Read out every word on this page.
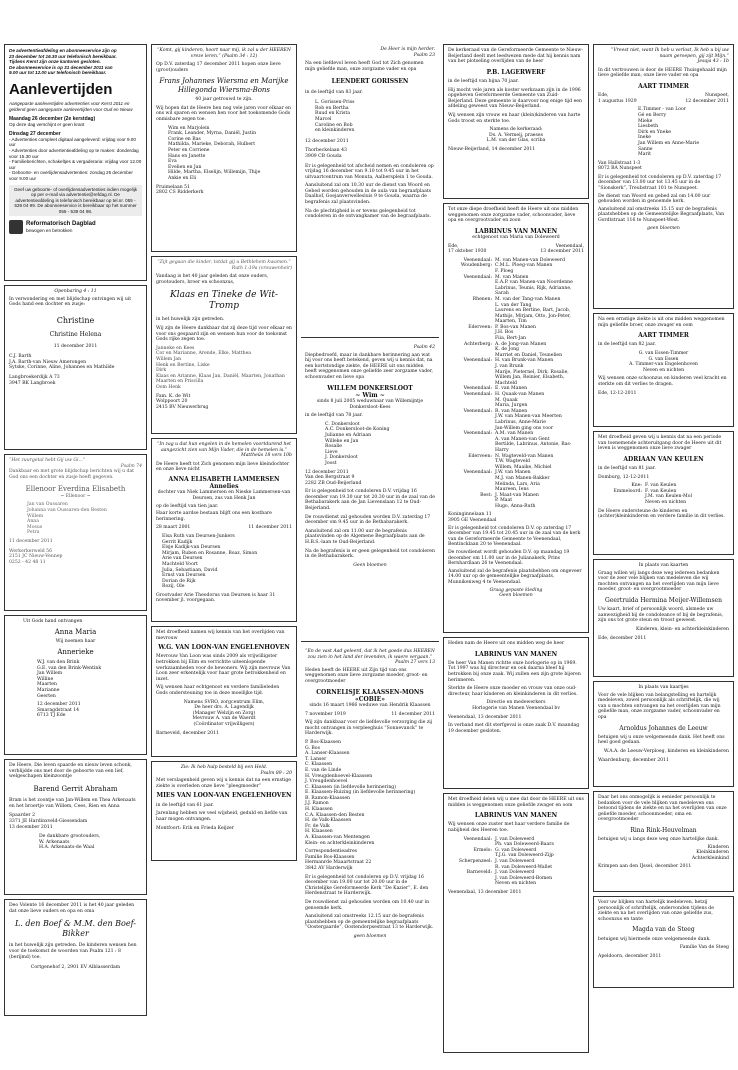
De advertentieafdeling en abonneeservice zijn op
23 december tot 16.30 uur telefonisch bereikbaar.
Tijdens Kerst zijn onze kantoren gesloten.
De abonneeservice is op 31 december 2011 van
9.00 uur tot 12.00 uur telefonisch bereikbaar.
Aanlevertijden
Aangepaste aanlevertijden advertenties voor Kerst 2011 en geldend geen aangepaste aanlevertijden voor Oud en Nieuw
Maandag 26 december (2e kerstdag)
Op deze dag verschijnt er geen krant
Dinsdag 27 december
- Advertenties compleet digitaal aangeleverd: vrijdag voor 9.00 uur
- Advertenties door advertentieafdeling op te maken: donderdag voor 15.30 uur
- Familieberichten, schakeltjes & vergaderaria: vrijdag voor 12.00 uur
- Geboorte- en overlijdensadvertenties: zondag 25 december voor 9.00 uur
Geef uw geboorte- of overlijdensadvertenties indien mogelijk op per e-mail via advertentie@refdag.nl. De advertentieafdeling is telefonisch bereikbaar op tel.nr. 055 - 539 04 99. De abonneeservice is bereikbaar op het nummer 055 - 539 04 98.
Reformatorisch Dagblad
bewogen en betrokken
Openbaring 4 : 11
In verwondering en met blijdschap ontvingen wij uit Gods hand een dochter en zusje:
Christine
Christine Helena
11 december 2011
C.J. Barth
J.A. Barth-van Nieuw Amerongen
Sytske, Corinne, Aline, Johannes en Mathilde
Langbroekerdijk A 73
3947 BK Langbroek
“Het zuurgetal hebt Gij uw Gi...”
Psalm 74
Dankbaar en met grote blijdschap berichten wij u dat God ons een dochter en zusje heeft gegeven.
Ellenoor Everdina Elisabeth
~ Ellenoor ~
Jan van Oussaren
Johanna van Oussaren-den Besten
Willem
Anna
Mosus
Petra
11 december 2011
Werkerkerweld 56
2151 JC Nieuw-Vennep
0252 - 42 48 11
Uit Gods hand ontvangen
Anna Maria
Wij noemen haar
Annerieke
W.J. van den Brink
G.E. van den Brink-Wentink
Jan Willem
Willine
Maarten
Marianne
Geerten
12 december 2011
Smaragdstraat 14
6713 TJ Ede
De Heere, Die leven spaarde en nieuw leven schonk, verblijdde ons met door de geboorte van een lief, welgeschapen kleinzoontje
Barend Gerrit Abraham
Bram is het zoontje van Jan-Willem en Thea Arkenaats en het broertje van Willem, Cees, Rien en Anna
Spaarder 2
3371 JE Hardinxveld-Giessendam
13 december 2011
De dankbare grootouders,
W. Arkenaats
H.A. Arkenaats-de Waal
Deo Volente 16 december 2011 is het 40 jaar geleden dat onze lieve ouders en opa en oma
L. den Boef & M.M. den Boef-Bikker
in het huwelijk zijn getreden. De kinderen wensen hen voor de toekomst de woorden van Psalm 121 : 8 (berijmd) toe.
Cortgenehof 2, 2901 EV Alblasserdam
“Komt, gij kinderen, hoort naar mij, ik zal u der HEEREN vreze leren.” (Psalm 34 : 12)
Op D.V. zaterdag 17 december 2011 hopen onze lieve (groot)ouders
Frans Johannes Wiersma en Marijke Hillegonda Wiersma-Bons
40 jaar getrouwd te zijn.
Wij hopen dat de Heere hen nog vele jaren voor elkaar en ons wil sparen en wensen hen voor het toekomende Gods onmisbare zegen toe.
Wim en Marjolein
Frank, Leander, Myrna, Daniël, Justin
Corine en Bas
Mathilda, Marieke, Deborah, Hulbert
Peter en Corriene
Hans en Janette
Eva
Evelien en Jan
Hilde, Martha, Elselijn, Willemijn, Thije
Ankie en Eli
Pruimelaan 51
2802 CS Ridderkerk
“Zijt gegaan die kinder, totdat gij u Bethlehem kwamen.”
Ruth 1:19a (vrouwenheir)
Vandaag is het 40 jaar geleden dat onze ouders, grootouders, broer en schoonzus,
Klaas en Tineke de Wit-Tromp
in het huwelijk zijn getreden.
Wij zijn de Heere dankbaar dat zij deze tijd voor elkaar en voor ons gespaard zijn en wensen hun voor de toekomst Gods rijke zegen toe.
Janneke en Kees
Cor en Marianne, Arende, Elke, Matthea
Willem Jan
Henk en Bertine, Liske
Dirk
Klaas en Arianne, Klaas Jan, Daniël, Maarten, Jonathan
Maarten en Priscilla
Oom Henk
Fam. K. de Wit
Wolppoort 20
2415 BV Nieuwerbrug
“In zag u dat hun engelen in de hemelen voortdurend het aangezicht zien van Mijn Vader, die in de hemelen is.”
Mattheüs 18 vers 10b
De Heere heeft tot Zich genomen mijn lieve kleindochter en onze lieve nicht
ANNA ELISABETH LAMMERSEN
Annelies
dochter van Niek Lammersen en Nieske Lammersen-van Deursen, zus van Henk Jan
op de leeftijd van tien jaar.
Haar korte aardse bestaan blijft ons een kostbare herinnering.
28 maart 2001	11 december 2011
Elsa Ruth van Deursen-Junkers
Gerrit Kadijk
Elsje Kadijk-van Deursen
Mirjam, Ruben en Rosanne, Boaz, Simon
Arie van Deursen
Machteld Voort
Julia, Sebastiaan, David
Ernst van Deursen
Dorian de Rijk
Rozij, Ole
Grootvader Arie Theodorus van Deursen is haar 31 november jl. voorgegaan.
Met droefheid namen wij kennis van het overlijden van mevrouw
W.G. VAN LOON-VAN ENGELENHOVEN
Mevrouw Van Loon was sinds 2009 als vrijwilligster betrokken bij Elim en verrichtte uiteenlopende werkzaamheden voor de bewoners. Wij zijn mevrouw Van Loon zeer erkentelijk voor haar grote betrokkenheid en inzet.
Wij wensen haar echtgenoot en verdere familieleden Gods ondersteuning toe in deze moeilijke tijd.
Namens SVRO, zorgcentrum Elim,
De heer drs. A. Lagendijk
(Manager Welzijn en Zorg)
Mevrouw A. van de Waerdt
(Coördinator vrijwilligers)
Barneveld, december 2011
Zie: Ik heb hulp besteld bij een Held.
Psalm 89 : 20
Met verslagenheid geven wij u kennis dat na een ernstige ziekte is overleden onze lieve “pleegmoeder”
MIES VAN LOON-VAN ENGELENHOVEN
in de leeftijd van 61 jaar.
Jarenlang hebben we veel wijsheid, geduld en liefde van haar mogen ontvangen.
Montfoort: Erik en Frieda Keijzer
De Heer is mijn herder.
Psalm 23
Na een liefdevol leven heeft God tot Zich genomen mijn geliefde man, onze zorgzame vader en opa
LEENDERT GORISSEN
in de leeftijd van 83 jaar.
L. Gorissen-Priss
Rob en Bertha
Ruud en Krista
Marcel
Caroline en Bob
en kleinkinderen
12 december 2011
Thorbeckelaan 43
3909 CB Gouda
Er is gelegenheid tot afscheid nemen en condoleren op vrijdag 16 december van 9.10 tot 9.45 uur in het uitvaartcentrum van Monuta, Aalbersplein 1 te Gouda.
Aansluitend zal om 10.30 uur de dienst van Woord en Gebed worden gehouden in de aula van begraafplaats Daalhof, Goejanverwellesluis 9 te Gouda, waarna de begrafenis zal plaatsvinden.
Na de plechtigheid is er tevens gelegenheid tot condoleren in de ontvangkamer van de begraafplaats.
Psalm 42
Diepbedroefd, maar in dankbare herinnering aan wat hij voor ons heeft betekend, geven wij u kennis dat, na een kortstondige ziekte, de HEERE uit ons midden heeft weggenomen onze geliefde zeer zorgzame vader, schoonvader en lieve opa
WILLEM DONKERSLOOT
~ Wim ~
sinds 8 juli 2005 weduwnaar van Willemijntje Donkersloot-Kees
in de leeftijd van 78 jaar.
C. Donkersloot
A.C. Donkersloot-de Koning
Julianne en Adriaan
Willeke en Jan
Rosalie
Lieve
J. Donkersloot
Joost
12 december 2011
Van den Bergstraat 9
2282 ZB Oud-Beijerland
Er is gelegenheid tot condoleren D.V. vrijdag 16 december van 19.30 uur tot 20.30 uur in de zaal van de Bethabarakerk aan de Jan Lievenslaan 12 te Oud-Beijerland.
De rouwdienst zal gehouden worden D.V. zaterdag 17 december om 9.45 uur in de Bethabarakerk.
Aansluitend zal om 11.00 uur de begrafenis plaatsvinden op de Algemene Begraafplaats aan de H.B.S.-laan te Oud-Beijerland.
Na de begrafenis is er geen gelegenheid tot condoleren in de Bethabarakerk.
Geen bloemen
“En de vast Aad geleerd, dat ik het goede dus HEEREN zou zien in het land der levenden, ik waere vergaan.”
Psalm 27 vers 13
Heden heeft de HEERE uit Zijn tijd van ons weggenomen onze lieve zorgzame moeder, groot- en overgrootmoeder
CORNELISJE KLAASSEN-MONS
«COBIE»
sinds 16 maart 1966 weduwe van Hendrik Klaassen
7 november 1919	11 december 2011
Wij zijn dankbaar voor de liefdevolle verzorging die zij mocht ontvangen in verpleeghuis “Sonnevanck” te Harderwijk.
P. Bos-Klaassen
G. Bos
A. Lanser-Klaassen
T. Lanser
C. Klaassen
E. van de Linde
H. Vreugdenhoevel-Klaassen
J. Vreugdenhoevel
C. Klaassen (in liefdevolle herinnering)
E. Klaassen-Ruizing (in liefdevolle herinnering)
B. Ramon-Klaassen
J.J. Ramon
H. Klaassen
C.A. Klaassen-den Besten
H. de Valk-Klaassen
Fr. de Valk
H. Klaassen
A. Klaassen-van Mentengen
Klein- en achterkleinkinderen
Correspondentieadres
Familie Bos-Klaassen
Hermanrde Maaartstraat 22
3842 AV Harderwijk
Er is gelegenheid tot condoleren op D.V. vrijdag 16 december van 19.00 uur tot 20.00 uur in de Christelijke Gereformeerde Kerk “De Kazier”, E. den Herdenstraat te Harderwijk.
De rouwdienst zal gehouden worden om 10.40 uur in genoemde kerk.
Aansluitend zal omstreeks 12.15 uur de begrafenis plaatshebben op de gemeentelijke begraafplaats “Oostergaarde”, Oostendorpsestraat 13 te Harderwijk.
geen bloemen
De kerkeraad van de Gereformeerde Gemeente te Nieuw-Beijerland deelt met leedwezen mede dat hij kennis nam van het plotseling overlijden van de heer
P.B. LAGERWERF
in de leeftijd van bijna 70 jaar.
Hij mocht vele jaren als koster werkzaam zijn in de 1996 opgeheven Gereformeerde Gemeente van Zuid-Beijerland. Deze gemeente is daarvoor nog enige tijd een afdeling geweest van Nieuw-Beijerland.
Wij wensen zijn vrouw en haar (klein)kinderen van harte Gods troost en sterkte toe.
Namens de kerkeraad:
Ds. A. Vermeij, praeses
L.M. van der Glas, scriba
Nieuw-Beijerland, 14 december 2011
Tot onze diepe droefheid heeft de Heere uit ons midden weggenomen onze zorgzame vader, schoonvader, lieve opa en overgrootvader en zoon
LABRINUS VAN MANEN
echtgenoot van Maria van Doleweerd
Ede,	Veenendaal,
17 oktober 1930	13 december 2011
Veenendaal: M. van Manen-van Doleweerd
Woudenberg: C.M.L. Ploeg-van Manen
F. Ploeg
Veenendaal: M. van Manen
E.A.P. van Manen-van Noordenne
Labrinus, Teunis, Rijk, Adrianne, Sarah
Rhenen: M. van der Tang-van Manen
L. van der Tang
Laurens en Bertine, Bart, Jacob, Mathijs, Mirjam, Otto, Jon-Peter, Maarten, Tim
Ederveen: P. Bos-van Manen
J.H. Bos
Fiia, Bert-Jan
Achterberg: A. de Jong-van Manen
K. de Jong
Marriet en Daniel, Teunelien
Veenendaal: H. van Brunk-van Manen
J. van Brunk
Marije, Pieternel, Dirk, Rosalie, Willem Jan, Reinier, Elsabeth, Machteld
Veenendaal: E. van Manen
Veenendaal: H. Quaak-van Manen
M. Quaak
Maria, Jurgen
Veenendaal: R. van Manen
J.W. van Manen-van Meerten
Labrinus, Anne-Marie
Jan-Willem ging ons voor
Veenendaal: A.M. van Manen
A. van Manen-van Gent
Bertilde, Labrinus, Antonie, Bas-Harry
Ederveen: N. Wagteveld-van Manen
T.W. Wagteveld
Willem, Maaike, Michiel
Veenendaal: J.W. van Manen
M.J. van Manen-Bakker
Melinda, Lars, Aria
Maureen, Iens
Best: J. Maat-van Manen
P. Maat
Hugo, Anna-Ruth
Koninginnelaan 11
3905 GE Veenendaal
Er is gelegenheid tot condoleren D.V. op zaterdag 17 december van 19.45 tot 20.45 uur in de zaal van de kerk van de Gereformeerde Gemeente te Veenendaal, Bentincklaan 20 te Veenendaal.
De rouwdienst wordt gehouden D.V. op maandag 19 december om 11.00 uur in de Julianakerk, Prins Bernhardlaan 26 te Veenendaal.
Aansluitend zal de begrafenis plaatshebben om ongeveer 14.00 uur op de gemeentelijke begraafplaats, Munnikenweg 4 te Veenendaal.
Graag gepaste kleding
Geen bloemen
Heden nam de Heere uit ons midden weg de heer
LABRINUS VAN MANEN
De heer Van Manen richtte onze horlogerie op in 1969. Tot 1997 was hij directeur en ook daarna bleef hij betrokken bij onze zaak. Wij zullen een zijn grote bijeren herinneren.
Sterkte de Heere onze moeder en vrouw van onze oud-directeur, haar kinderen en kleinkinderen in dit verlies.
Directie en medewerkers
Horlogerie van Manen Veenendaal bv
Veenendaal, 13 december 2011
In verband met dit sterfgeval is onze zaak D.V. maandag 19 december gesloten.
Met droefheid delen wij u mee dat door de HEERE uit ons midden is weggenomen onze geliefde zwager en oom
LABRINUS VAN MANEN
Wij wensen onze zuster met haar verdere familie de nabijheid des Heeren toe.
Veenendaal: J. van Doleweerd
Ph. van Doleweerd-Baars
Ermelo: G. van Doleweerd
T.J.G. van Doleweerd-Zijp
Scherpenzeel: J. van Doleweerd
R. van Doleweerd-Wallet
Barneveld: J. van Doleweerd
J. van Doleweerd-Bomen
Neven en nichten
Veenendaal, 13 december 2011
“Vreest niet, want Ik heb u verlost, Ik heb u bij uw naam geroepen, gij zijt Mijn.”
Jesaja 43 : 1b
In dit vertrouwen is door de HEERE Thuisgehaald mijn lieve geliefde man, onze lieve vader en opa
AART TIMMER
Ede,	Nunspeet,
1 augustus 1929	12 december 2011
E.Timmer - van Loor
Gé en Berry
Mieke
Liesbeth
Dirk en Yneke
Ineke
Jan Willem en Anne-Marie
Sanne
Marit
Van Hallstraat 1-3
8072 BA Nunspeet
Er is gelegenheid tot condoleren op D.V. zaterdag 17 december van 13.00 uur tot 13.45 uur in de “Sionskerk”, Treubstraat 101 te Nunspeet.
De dienst van Woord en gebed zal om 14.00 uur gehouden worden in genoemde kerk.
Aansluitend zal omstreeks 15.15 uur de begrafenis plaatshebben op de Gemeentelijke Begraafplaats, Van Gordtstraat 116 te Nunspeet-West.
geen bloemen
Na een ernstige ziekte is uit ons midden weggenomen mijn geliefde broer, onze zwager en oom
AART TIMMER
in de leeftijd van 82 jaar.
G. van Essen-Timmer
G. van Essen
A. Timmer-van Engelenhoven
Neven en nichten
Wij wensen onze schoonzus en kinderen veel kracht en sterkte om dit verlies te dragen.
Ede, 12-12-2011
Met droefheid geven wij u kennis dat na een periode van toenemende achteruitgang door de Heere uit dit leven is weggenomen onze lieve zwager
ADRIAAN VAN KEULEN
in de leeftijd van 81 jaar.
Domburg, 12-12-2011
Kne: F. van Keulen
Emmeloord: F. van Keulen
J.M. van Keulen-Mol
Neven en nichten
De Heere ondersteune de kinderen en (achter)kleinkinderen en verdere familie in dit verlies.
In plaats van kaarten
Graag willen wij langs deze weg iedereen bedanken voor de zeer vele blijken van medeleven die wij mochten ontvangen na het overlijden van mijn lieve moeder, groot- en overgrootmoeder
Geertruida Hermina Meijer-Willemsen
Uw kaart, brief of persoonlijk woord, alsmede uw aanwezigheid bij de condoleance of bij de begrafenis, zijn ons tot grote steun en troost geweest.
Kinderen, klein- en achterkleinkinderen
Ede, december 2011
In plaats van kaartjes
Voor de vele blijken van belangstelling en hartelijk medeleven, zowel persoonlijk als schriftelijk, die wij van u mochten ontvangen na het overlijden van mijn geliefde man, onze zorgzame vader, schoonvader en opa
Arnoldus Johannes de Leeuw
betuigen wij u onze welgemeende dank. Het heeft ons heel goed gedaan.
W.A.A. de Leeuw-Verploeg, kinderen en kleinkinderen
Waardenburg, december 2011
Daar het ons onmogelijk is eenieder persoonlijk te bedanken voor de vele blijken van medeleven ons betoond tijdens de ziekte en na het overlijden van onze geliefde moeder, schoonmoeder, oma en overgrootmoeder
Rina Rink-Heuvelman
betuigen wij u langs deze weg onze hartelijke dank.
Kinderen
Kleinkinderen
Achterkleinkind
Krimpen aan den IJssel, december 2011
Voor uw blijken van hartelijk medeleven, hetzij persoonlijk of schriftelijk, ondervonden tijdens de ziekte en na het overlijden van onze geliefde zus, schoonzus en tante
Magda van de Steeg
betuigen wij hiermede onze welgemeende dank.
Familie Van de Steeg
Apeldoorn, december 2011
